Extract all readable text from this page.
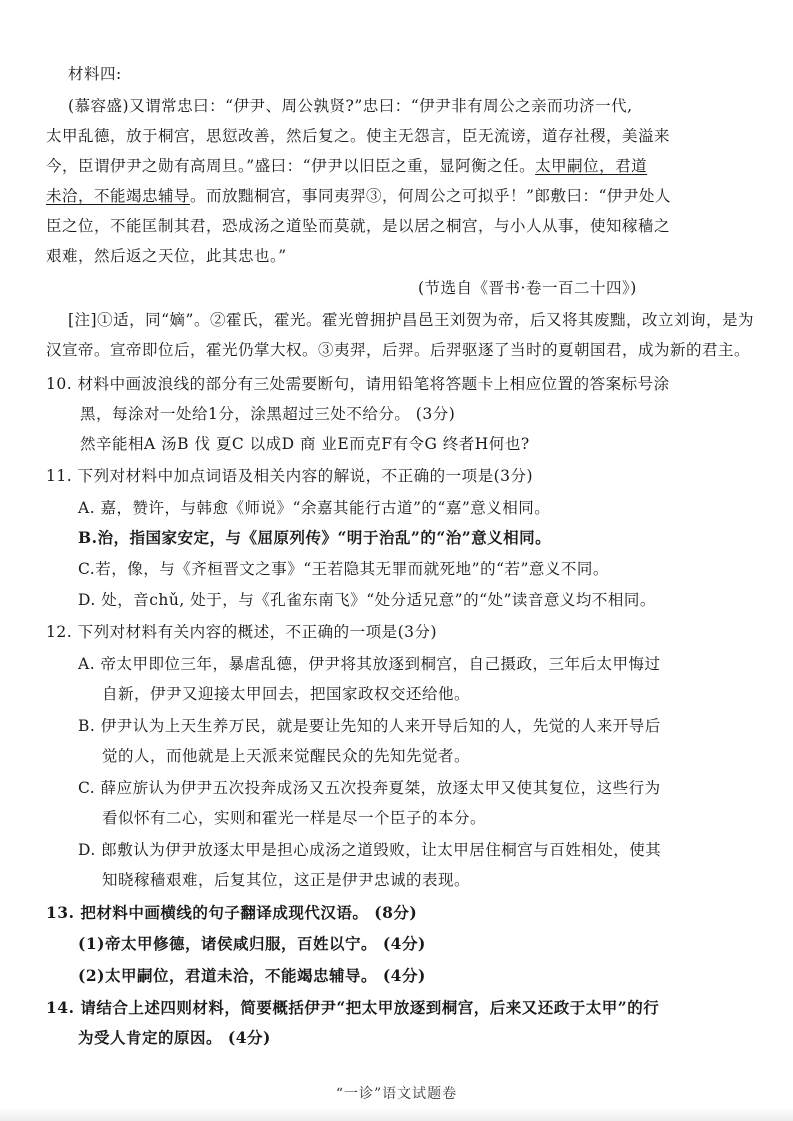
材料四:
(慕容盛)又谓常忠曰：“伊尹、周公孰贤?”忠曰：“伊尹非有周公之亲而功济一代,
太甲乱德，放于桐宫，思愆改善，然后复之。使主无怨言，臣无流谤，道存社稷，美溢来
今，臣谓伊尹之勋有高周旦。”盛曰：“伊尹以旧臣之重，显阿衡之任。太甲嗣位，君道
未洽，不能竭忠辅导。而放黜桐宫，事同夷羿③，何周公之可拟乎！”郎敷曰：“伊尹处人
臣之位，不能匡制其君，恐成汤之道坠而莫就，是以居之桐宫，与小人从事，使知稼穑之
艰难，然后返之天位，此其忠也。”
(节选自《晋书·卷一百二十四》)
[注]①适，同“嫡”。②霍氏，霍光。霍光曾拥护昌邑王刘贺为帝，后又将其废黜，改立刘询，是为
汉宣帝。宣帝即位后，霍光仍掌大权。③夷羿，后羿。后羿驱逐了当时的夏朝国君，成为新的君主。
10. 材料中画波浪线的部分有三处需要断句，请用铅笔将答题卡上相应位置的答案标号涂
黑，每涂对一处给1分，涂黑超过三处不给分。 (3分)
然辛能相A 汤B 伐 夏C 以成D 商 业E而克F有令G 终者H何也?
11. 下列对材料中加点词语及相关内容的解说，不正确的一项是(3分)
A. 嘉，赞许，与韩愈《师说》“余嘉其能行古道”的“嘉”意义相同。
B.治，指国家安定，与《屈原列传》“明于治乱”的“治”意义相同。
C.若，像，与《齐桓晋文之事》“王若隐其无罪而就死地”的“若”意义不同。
D. 处，音chǔ, 处于，与《孔雀东南飞》“处分适兄意”的“处”读音意义均不相同。
12. 下列对材料有关内容的概述，不正确的一项是(3分)
A. 帝太甲即位三年，暴虐乱德，伊尹将其放逐到桐宫，自己摄政，三年后太甲悔过
自新，伊尹又迎接太甲回去，把国家政权交还给他。
B. 伊尹认为上天生养万民，就是要让先知的人来开导后知的人，先觉的人来开导后
觉的人，而他就是上天派来觉醒民众的先知先觉者。
C. 薛应旂认为伊尹五次投奔成汤又五次投奔夏桀，放逐太甲又使其复位，这些行为
看似怀有二心，实则和霍光一样是尽一个臣子的本分。
D. 郎敷认为伊尹放逐太甲是担心成汤之道毁败，让太甲居住桐宫与百姓相处，使其
知晓稼穑艰难，后复其位，这正是伊尹忠诚的表现。
13. 把材料中画横线的句子翻译成现代汉语。 (8分)
(1)帝太甲修德，诸侯咸归服，百姓以宁。 (4分)
(2)太甲嗣位，君道未洽，不能竭忠辅导。 (4分)
14. 请结合上述四则材料，简要概括伊尹“把太甲放逐到桐宫，后来又还政于太甲”的行
为受人肯定的原因。 (4分)
“一诊”语文试题卷
